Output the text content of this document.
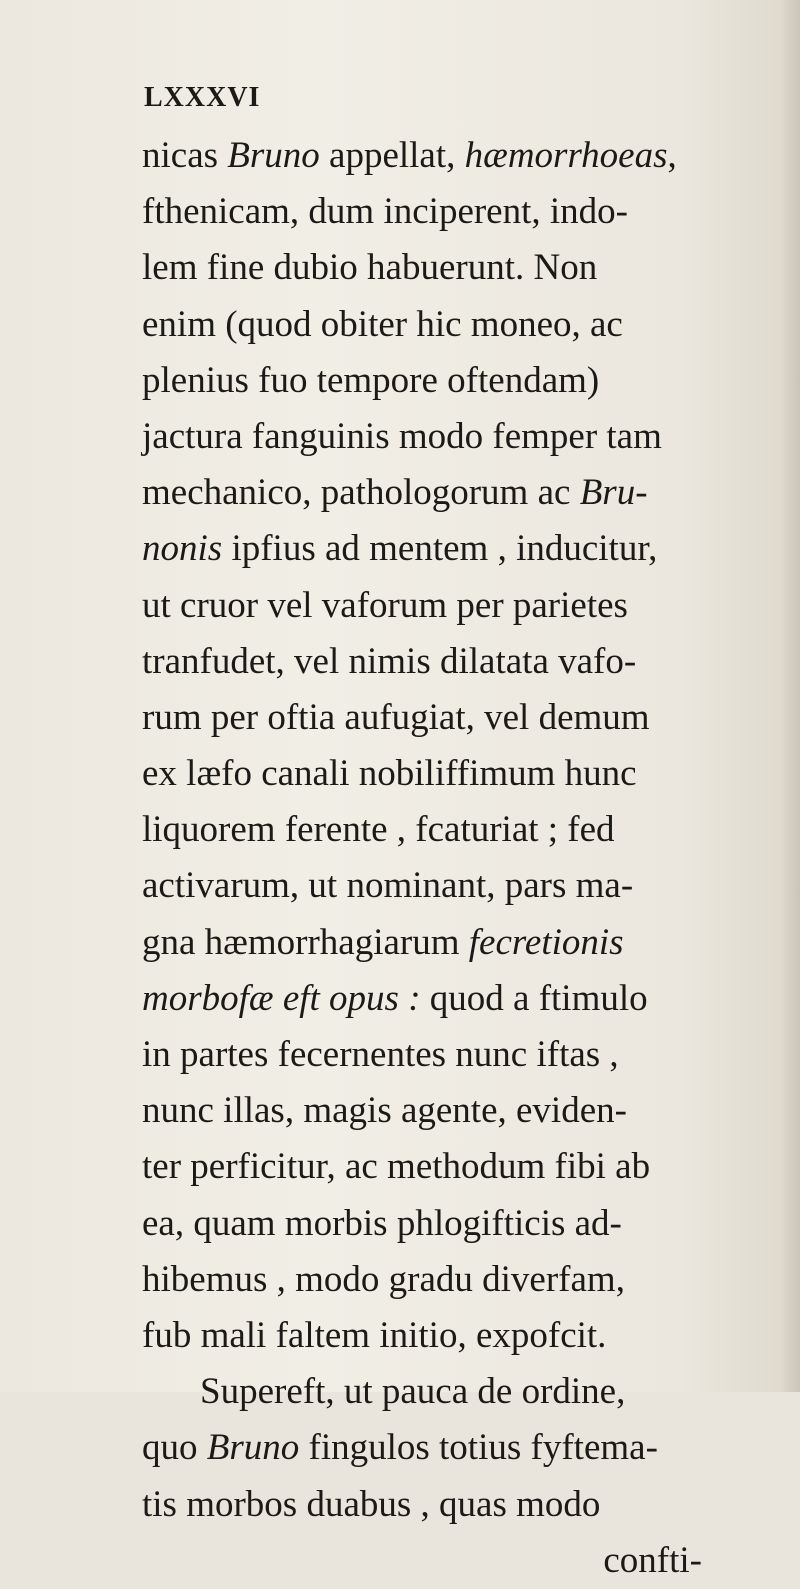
LXXXVI
nicas Bruno appellat, hæmorrhoeas,
fthenicam, dum inciperent, indo-
lem fine dubio habuerunt. Non
enim (quod obiter hic moneo, ac
plenius fuo tempore oftendam)
jactura fanguinis modo femper tam
mechanico, pathologorum ac Bru-
nonis ipfius ad mentem , inducitur,
ut cruor vel vaforum per parietes
tranfudet, vel nimis dilatata vafo-
rum per oftia aufugiat, vel demum
ex læfo canali nobiliffimum hunc
liquorem ferente , fcaturiat ; fed
activarum, ut nominant, pars ma-
gna hæmorrhagiarum fecretionis
morbofæ eft opus : quod a ftimulo
in partes fecernentes nunc iftas ,
nunc illas, magis agente, eviden-
ter perficitur, ac methodum fibi ab
ea, quam morbis phlogifticis ad-
hibemus , modo gradu diverfam,
fub mali faltem initio, expofcit.
Supereft, ut pauca de ordine,
quo Bruno fingulos totius fyftema-
tis morbos duabus , quas modo
confti-
